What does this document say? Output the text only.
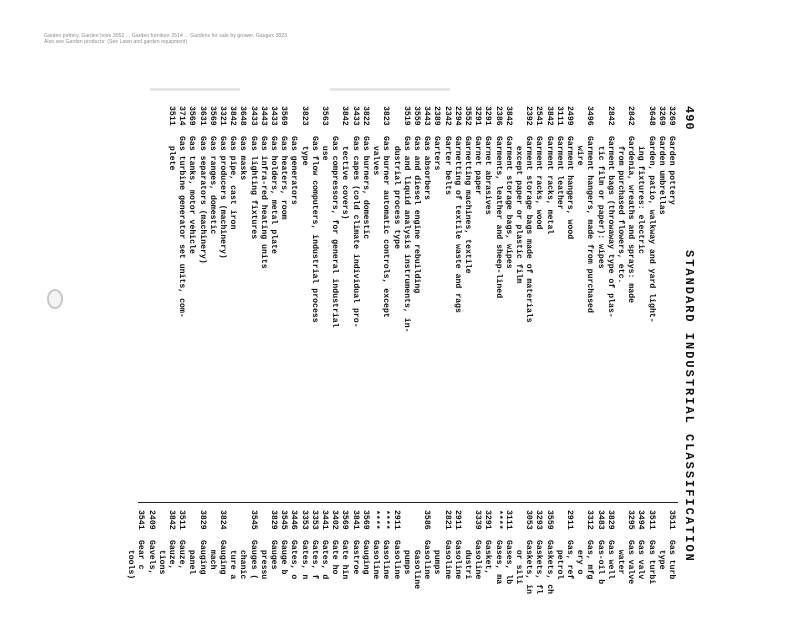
Garden pottery, Garden hose 3052 ... Garden furniture 2514 ... Gardens for sale by grower, Gauges 3823
Also see Garden products: (See Lawn and garden equipment)
490
STANDARD INDUSTRIAL CLASSIFICATION
3269
Garden pottery
3269
Garden umbrellas
3648
Garden, patio, walkway and yard light-
ing fixtures: electric
2842
Gardenia, wreaths and sprays: made
from purchased flowers, etc.
2842
Garment bags (throwaway type of plas-
tic film or paper): wipes
3496
Garment hangers, made from purchased
wire
2499
Garment hangers, wood
3111
Garment leather
3842
Garment racks, metal
2541
Garment racks, wood
2392
Garment storage bags made of materials
except paper or plastic film
3842
Garment storage bags, wipes
2386
Garments, leather and sheep-lined
3291
Garnet abrasives
3291
Garnet paper
3552
Garnetting machines, textile
2294
Garnetting of textile waste and rags
2342
Garter belts
2389
Garters
3443
Gas absorbers
3559
Gas and diesel engine rebuilding
3519
Gas and liquid analysis instruments, in-
dustrial process type
3823
Gas burner automatic controls, except
valves
3822
Gas burners, domestic
3433
Gas capes (cold climate individual pro-
3842
tective covers)
Gas compressors, for general industrial
3563
use
Gas flow computers, industrial process
3823
type
Gas generators
3569
Gas heaters, room
3433
Gas holders, metal plate
3443
Gas infra-red heating units
3433
Gas lighting fixtures
3648
Gas masks
3842
Gas pipe, cast iron
3321
Gas producers (machinery)
3569
Gas ranges, domestic
3631
Gas separators (machinery)
3569
Gas tanks, motor vehicle
3714
Gas turbine generator set units, com-
3511
plete
3511
Gas turb
type
3511
Gas turbi
3494
Gas valv
3295
Gas valve
water
3829
Gas well
3483
Gas-oil b
3312
Gas, mfg
ery o
2911
Gas, ref
petrol
3559
Gaskets, ch
3293
Gaskets, fl
3053
Gaskets, in
or sili
3111
Gases, lb
****
Gases, ma
3291
Gasket,
3339
Gasoline
dustri
2911
Gasoline
2821
Gasoline
pumps
3586
Gasoline
Gasoline
pumps
2911
Gasoline
****
Gasoline
****
Gasoline
3569
Gauging
3841
Gastroe
3569
Gate hin
3402
Gate ho
3441
Gates, d
3353
Gates, f
3353
Gates, n
3446
Gates, o
3545
Gauge b
3829
Gauges
pressu
3545
Gauges (
chanic
ture a
3824
Gauging
mach
3829
Gauging
panel
3511
Gauze,
3842
Gauze,
tions
2409
Gavels,
3541
Gear c
tools)
